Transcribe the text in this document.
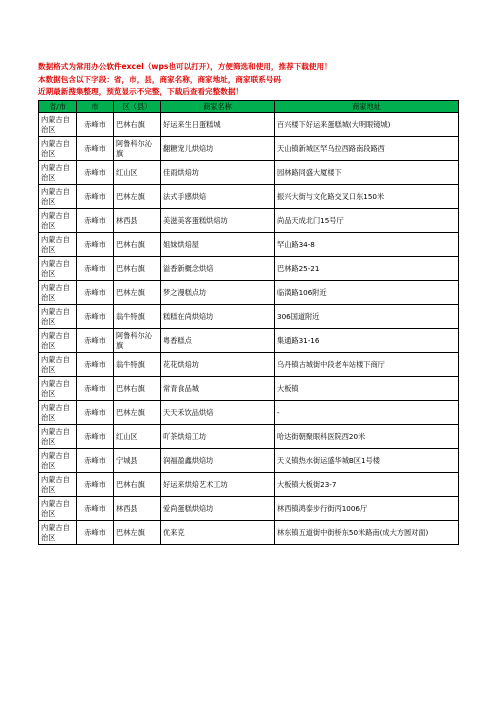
数据格式为常用办公软件excel（wps也可以打开），方便筛选和使用，推荐下载使用！
本数据包含以下字段：省，市，县，商家名称，商家地址，商家联系号码
近期最新搜集整理，预览显示不完整，下载后查看完整数据！
省/市	市	区（县）	商家名称	商家地址
内蒙古自治区	赤峰市	巴林右旗	好运来生日蛋糕城	百兴楼下好运来蛋糕城(大明眼镜城)
内蒙古自治区	赤峰市	阿鲁科尔沁旗	翻糖宠儿烘焙坊	天山镇新城区罕乌拉西路南段路西
内蒙古自治区	赤峰市	红山区	佳雨烘焙坊	园林路同盛大厦楼下
内蒙古自治区	赤峰市	巴林左旗	法式手感烘焙	振兴大街与文化路交叉口东150米
内蒙古自治区	赤峰市	林西县	美滋美客蛋糕烘焙坊	尚品天成北门15号厅
内蒙古自治区	赤峰市	巴林右旗	姐妹烘焙屋	罕山路34-8
内蒙古自治区	赤峰市	巴林右旗	溢香新概念烘焙	巴林路25-21
内蒙古自治区	赤峰市	巴林左旗	梦之漫糕点坊	临潢路106附近
内蒙古自治区	赤峰市	翁牛特旗	糕糕在尚烘焙坊	306国道附近
内蒙古自治区	赤峰市	阿鲁科尔沁旗	粤香糕点	集通路31-16
内蒙古自治区	赤峰市	翁牛特旗	花花烘焙坊	乌丹镇古城街中段老车站楼下商厅
内蒙古自治区	赤峰市	巴林右旗	常青食品城	大板镇
内蒙古自治区	赤峰市	巴林左旗	天天禾饮品烘焙	-
内蒙古自治区	赤峰市	红山区	吖茶烘焙工坊	哈达街朝聚眼科医院西20米
内蒙古自治区	赤峰市	宁城县	润福盈鑫烘焙坊	天义镇热水街运盛华城B区1号楼
内蒙古自治区	赤峰市	巴林右旗	好运来烘焙艺术工坊	大板镇大板街23-7
内蒙古自治区	赤峰市	林西县	爱尚蛋糕烘焙坊	林西镇鸿泰步行街丙1006厅
内蒙古自治区	赤峰市	巴林左旗	优来克	林东镇五道街中街桥东50米路南(成大方圆对面)
